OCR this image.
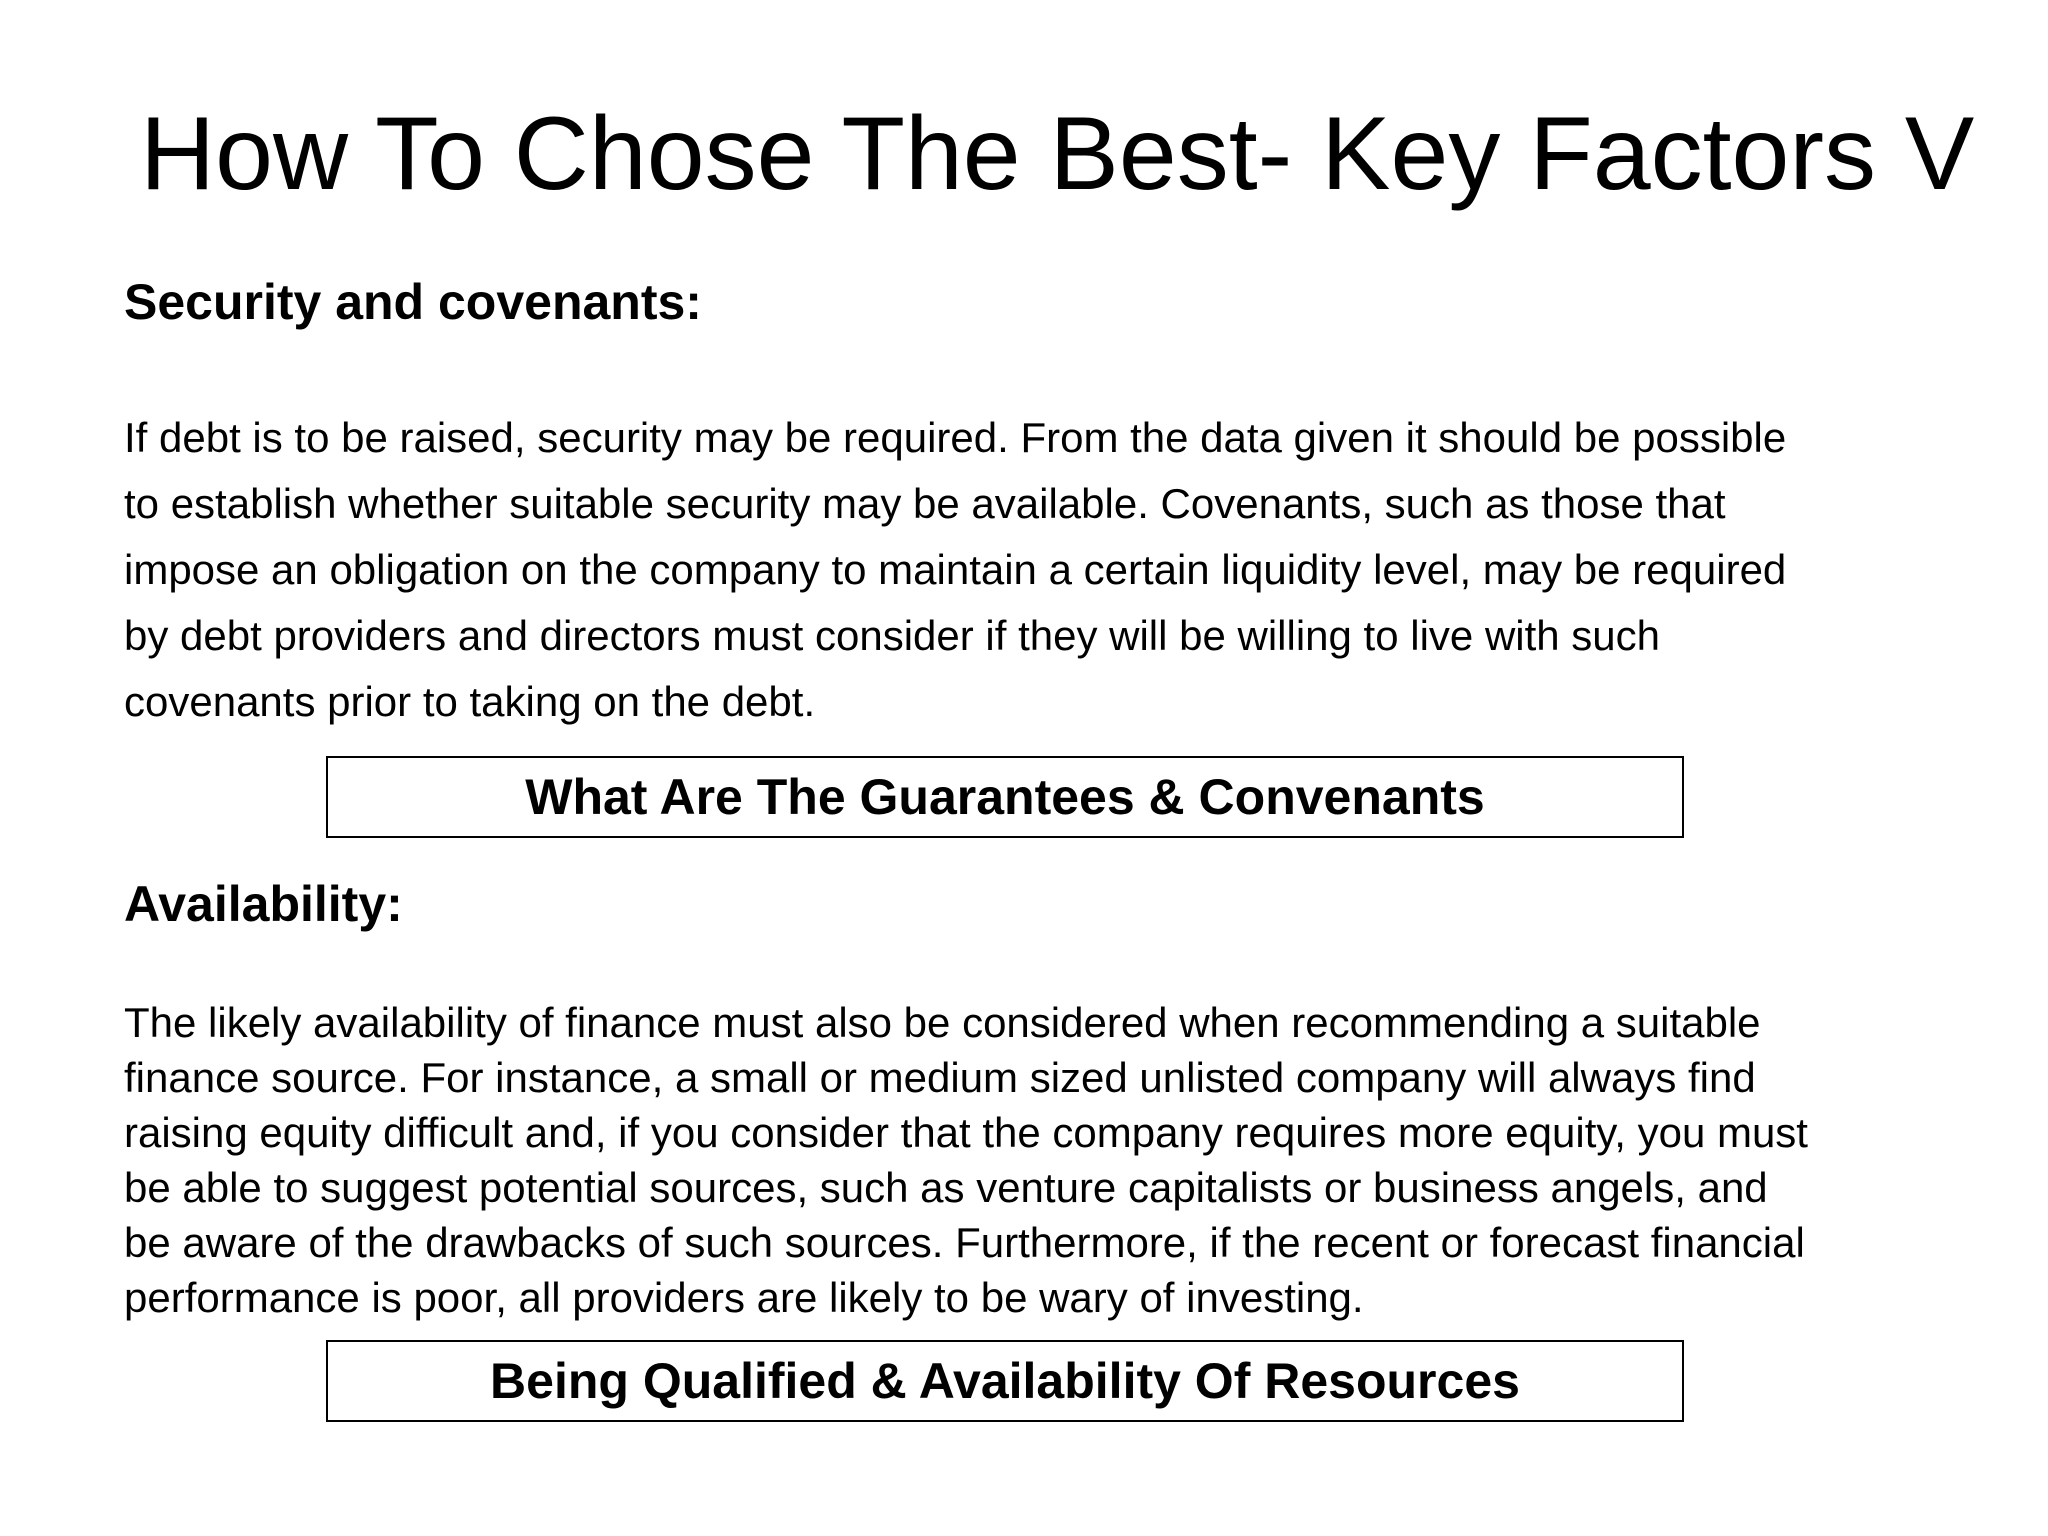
How To Chose The Best- Key Factors V
Security and covenants:

If debt is to be raised, security may be required. From the data given it should be possible
to establish whether suitable security may be available. Covenants, such as those that
impose an obligation on the company to maintain a certain liquidity level, may be required
by debt providers and directors must consider if they will be willing to live with such
covenants prior to taking on the debt.

What Are The Guarantees & Convenants
Availability:

The likely availability of finance must also be considered when recommending a suitable
finance source. For instance, a small or medium sized unlisted company will always find
raising equity difficult and, if you consider that the company requires more equity, you must
be able to suggest potential sources, such as venture capitalists or business angels, and
be aware of the drawbacks of such sources. Furthermore, if the recent or forecast financial
performance is poor, all providers are likely to be wary of investing.

Being Qualified & Availability Of Resources
